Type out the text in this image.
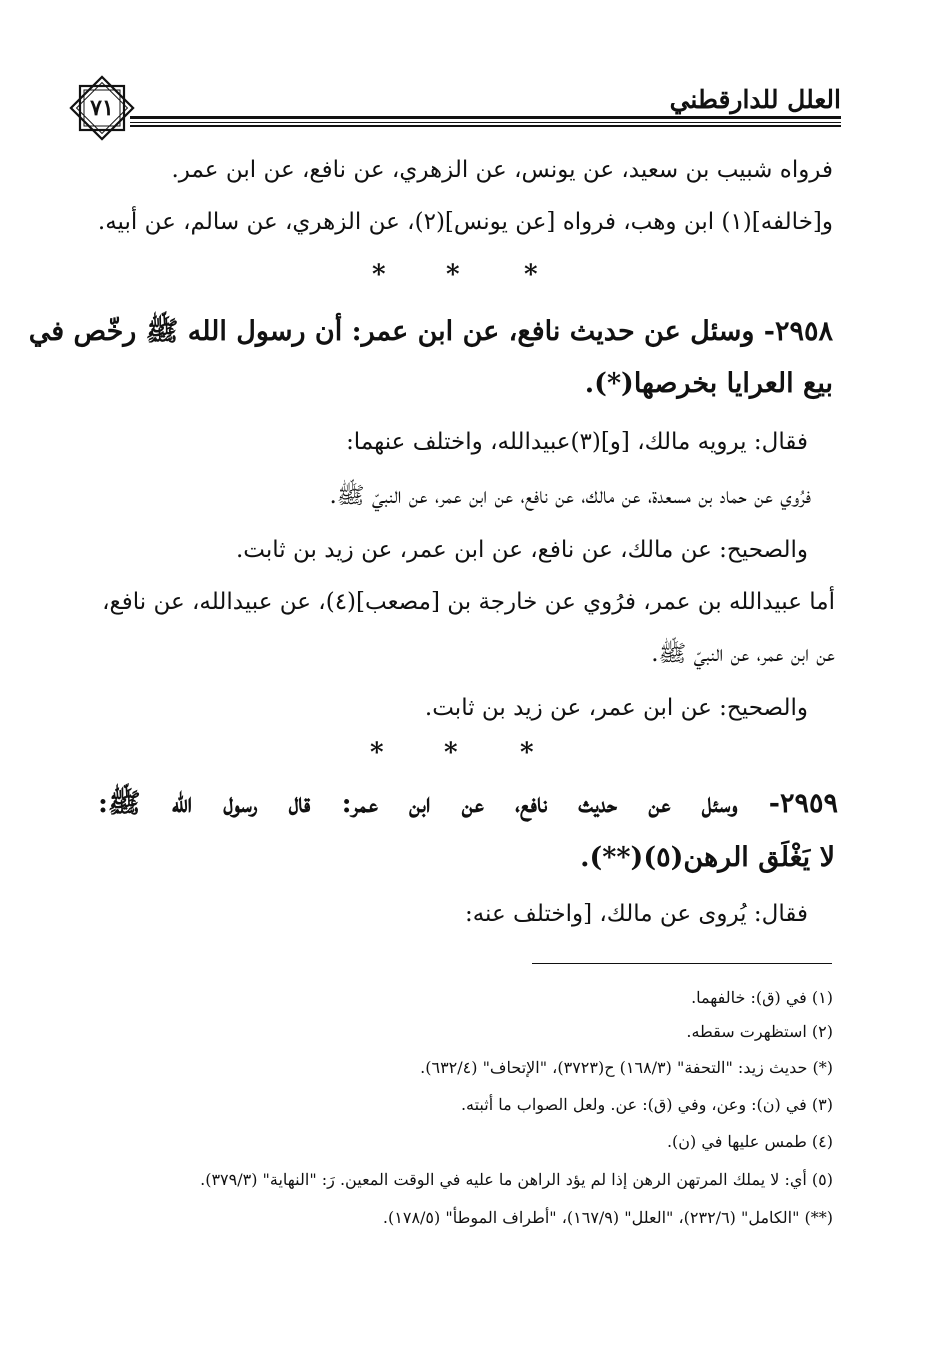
العلل للدارقطني
٧١
فرواه شبيب بن سعيد، عن يونس، عن الزهري، عن نافع، عن ابن عمر.
و[خالفه](١) ابن وهب، فرواه [عن يونس](٢)، عن الزهري، عن سالم، عن أبيه.
* * *
٢٩٥٨- وسئل عن حديث نافع، عن ابن عمر: أن رسول الله ﷺ رخّص في
بيع العرايا بخرصها(*).
فقال: يرويه مالك، [و](٣)عبيدالله، واختلف عنهما:
فرُوي عن حماد بن مسعدة، عن مالك، عن نافع، عن ابن عمر، عن النبيّ ﷺ.
والصحيح: عن مالك، عن نافع، عن ابن عمر، عن زيد بن ثابت.
أما عبيدالله بن عمر، فرُوي عن خارجة بن [مصعب](٤)، عن عبيدالله، عن نافع،
عن ابن عمر، عن النبيّ ﷺ.
والصحيح: عن ابن عمر، عن زيد بن ثابت.
* * *
٢٩٥٩- وسئل عن حديث نافع، عن ابن عمر: قال رسول الله ﷺ:
لا يَغْلَق الرهن(٥)(**).
فقال: يُروى عن مالك، [واختلف عنه:
(١) في (ق): خالفهما.
(٢) استظهرت سقطه.
(*) حديث زيد: "التحفة" (١٦٨/٣) ح(٣٧٢٣)، "الإتحاف" (٦٣٢/٤).
(٣) في (ن): وعن، وفي (ق): عن. ولعل الصواب ما أثبته.
(٤) طمس عليها في (ن).
(٥) أي: لا يملك المرتهن الرهن إذا لم يؤد الراهن ما عليه في الوقت المعين. رَ: "النهاية" (٣٧٩/٣).
(**) "الكامل" (٢٣٢/٦)، "العلل" (١٦٧/٩)، "أطراف الموطأ" (١٧٨/٥).
